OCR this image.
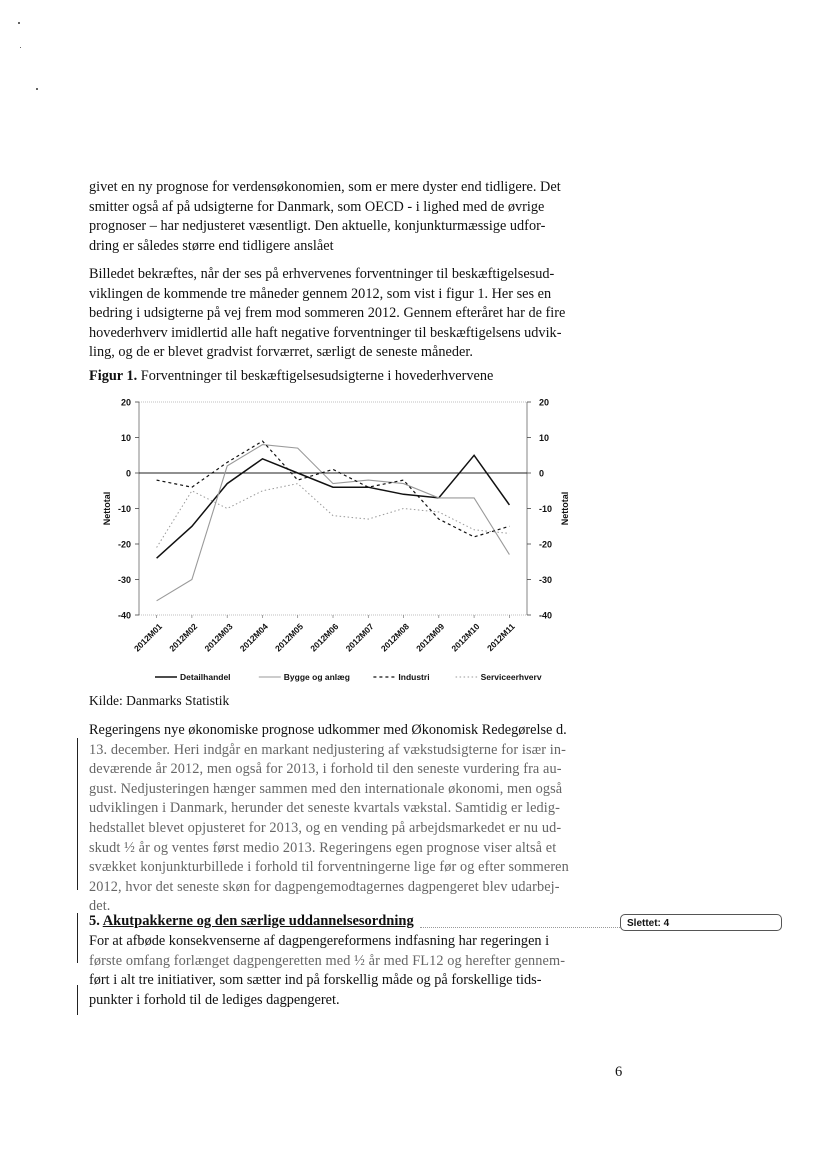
givet en ny prognose for verdensøkonomien, som er mere dyster end tidligere. Det
smitter også af på udsigterne for Danmark, som OECD - i lighed med de øvrige
prognoser – har nedjusteret væsentligt. Den aktuelle, konjunkturmæssige udfor-
dring er således større end tidligere anslået
Billedet bekræftes, når der ses på erhvervenes forventninger til beskæftigelsesud-
viklingen de kommende tre måneder gennem 2012, som vist i figur 1. Her ses en
bedring i udsigterne på vej frem mod sommeren 2012. Gennem efteråret har de fire
hovederhverv imidlertid alle haft negative forventninger til beskæftigelsens udvik-
ling, og de er blevet gradvist forværret, særligt de seneste måneder.
Figur 1. Forventninger til beskæftigelsesudsigterne i hovederhvervene
20	20
10	10
0	0
-10	-10
-20	-20
-30	-30
-40	-40
Nettotal	Nettotal
2012M01 2012M02 2012M03 2012M04 2012M05 2012M06 2012M07 2012M08 2012M09 2012M10 2012M11
Detailhandel	Bygge og anlæg	Industri	Serviceerhverv
Kilde: Danmarks Statistik
Regeringens nye økonomiske prognose udkommer med Økonomisk Redegørelse d.
13. december. Heri indgår en markant nedjustering af vækstudsigterne for især in-
deværende år 2012, men også for 2013, i forhold til den seneste vurdering fra au-
gust. Nedjusteringen hænger sammen med den internationale økonomi, men også
udviklingen i Danmark, herunder det seneste kvartals vækstal. Samtidig er ledig-
hedstallet blevet opjusteret for 2013, og en vending på arbejdsmarkedet er nu ud-
skudt ½ år og ventes først medio 2013. Regeringens egen prognose viser altså et
svækket konjunkturbillede i forhold til forventningerne lige før og efter sommeren
2012, hvor det seneste skøn for dagpengemodtagernes dagpengeret blev udarbej-
det.
5. Akutpakkerne og den særlige uddannelsesordning	Slettet: 4
For at afbøde konsekvenserne af dagpengereformens indfasning har regeringen i
første omfang forlænget dagpengeretten med ½ år med FL12 og herefter gennem-
ført i alt tre initiativer, som sætter ind på forskellig måde og på forskellige tids-
punkter i forhold til de lediges dagpengeret.
6
